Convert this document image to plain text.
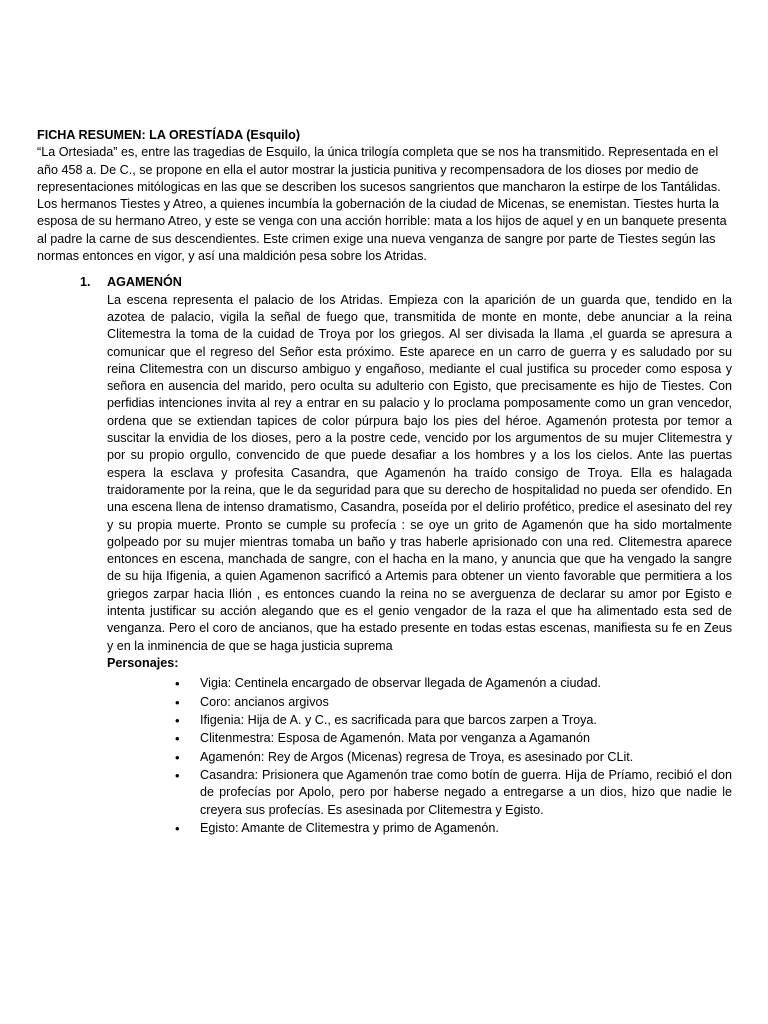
FICHA RESUMEN: LA ORESTÍADA (Esquilo)

“La Ortesiada” es, entre las tragedias de Esquilo, la única trilogía completa que se nos ha transmitido. Representada en el año 458 a. De C., se propone en ella el autor mostrar la justicia punitiva y recompensadora de los dioses por medio de representaciones mitólogicas en las que se describen los sucesos sangrientos que mancharon la estirpe de los Tantálidas. Los hermanos Tiestes y Atreo, a quienes incumbía la gobernación de la ciudad de Micenas, se enemistan. Tiestes hurta la esposa de su hermano Atreo, y este se venga con una acción horrible: mata a los hijos de aquel y en un banquete presenta al padre la carne de sus descendientes. Este crimen exige una nueva venganza de sangre por parte de Tiestes según las normas entonces en vigor, y así una maldición pesa sobre los Atridas.

1. AGAMENÓN

La escena representa el palacio de los Atridas. Empieza con la aparición de un guarda que, tendido en la azotea de palacio, vigila la señal de fuego que, transmitida de monte en monte, debe anunciar a la reina Clitemestra la toma de la cuidad de Troya por los griegos. Al ser divisada la llama ,el guarda se apresura a comunicar que el regreso del Señor esta próximo. Este aparece en un carro de guerra y es saludado por su reina Clitemestra con un discurso ambiguo y engañoso, mediante el cual justifica su proceder como esposa y señora en ausencia del marido, pero oculta su adulterio con Egisto, que precisamente es hijo de Tiestes. Con perfidias intenciones invita al rey a entrar en su palacio y lo proclama pomposamente como un gran vencedor, ordena que se extiendan tapices de color púrpura bajo los pies del héroe. Agamenón protesta por temor a suscitar la envidia de los dioses, pero a la postre cede, vencido por los argumentos de su mujer Clitemestra y por su propio orgullo, convencido de que puede desafiar a los hombres y a los los cielos. Ante las puertas espera la esclava y profesita Casandra, que Agamenón ha traído consigo de Troya. Ella es halagada traidoramente por la reina, que le da seguridad para que su derecho de hospitalidad no pueda ser ofendido. En una escena llena de intenso dramatismo, Casandra, poseída por el delirio profético, predice el asesinato del rey y su propia muerte. Pronto se cumple su profecía : se oye un grito de Agamenón que ha sido mortalmente golpeado por su mujer mientras tomaba un baño y tras haberle aprisionado con una red. Clitemestra aparece entonces en escena, manchada de sangre, con el hacha en la mano, y anuncia que que ha vengado la sangre de su hija Ifigenia, a quien Agamenon sacrificó a Artemis para obtener un viento favorable que permitiera a los griegos zarpar hacia Ilión , es entonces cuando la reina no se averguenza de declarar su amor por Egisto e intenta justificar su acción alegando que es el genio vengador de la raza el que ha alimentado esta sed de venganza. Pero el coro de ancianos, que ha estado presente en todas estas escenas, manifiesta su fe en Zeus y en la inminencia de que se haga justicia suprema

Personajes:

• Vigia: Centinela encargado de observar llegada de Agamenón a ciudad.
• Coro: ancianos argivos
• Ifigenia: Hija de A. y C., es sacrificada para que barcos zarpen a Troya.
• Clitenmestra: Esposa de Agamenón. Mata por venganza a Agamanón
• Agamenón: Rey de Argos (Micenas) regresa de Troya, es asesinado por CLit.
• Casandra: Prisionera que Agamenón trae como botín de guerra. Hija de Príamo, recibió el don de profecías por Apolo, pero por haberse negado a entregarse a un dios, hizo que nadie le creyera sus profecías. Es asesinada por Clitemestra y Egisto.
• Egisto: Amante de Clitemestra y primo de Agamenón.
